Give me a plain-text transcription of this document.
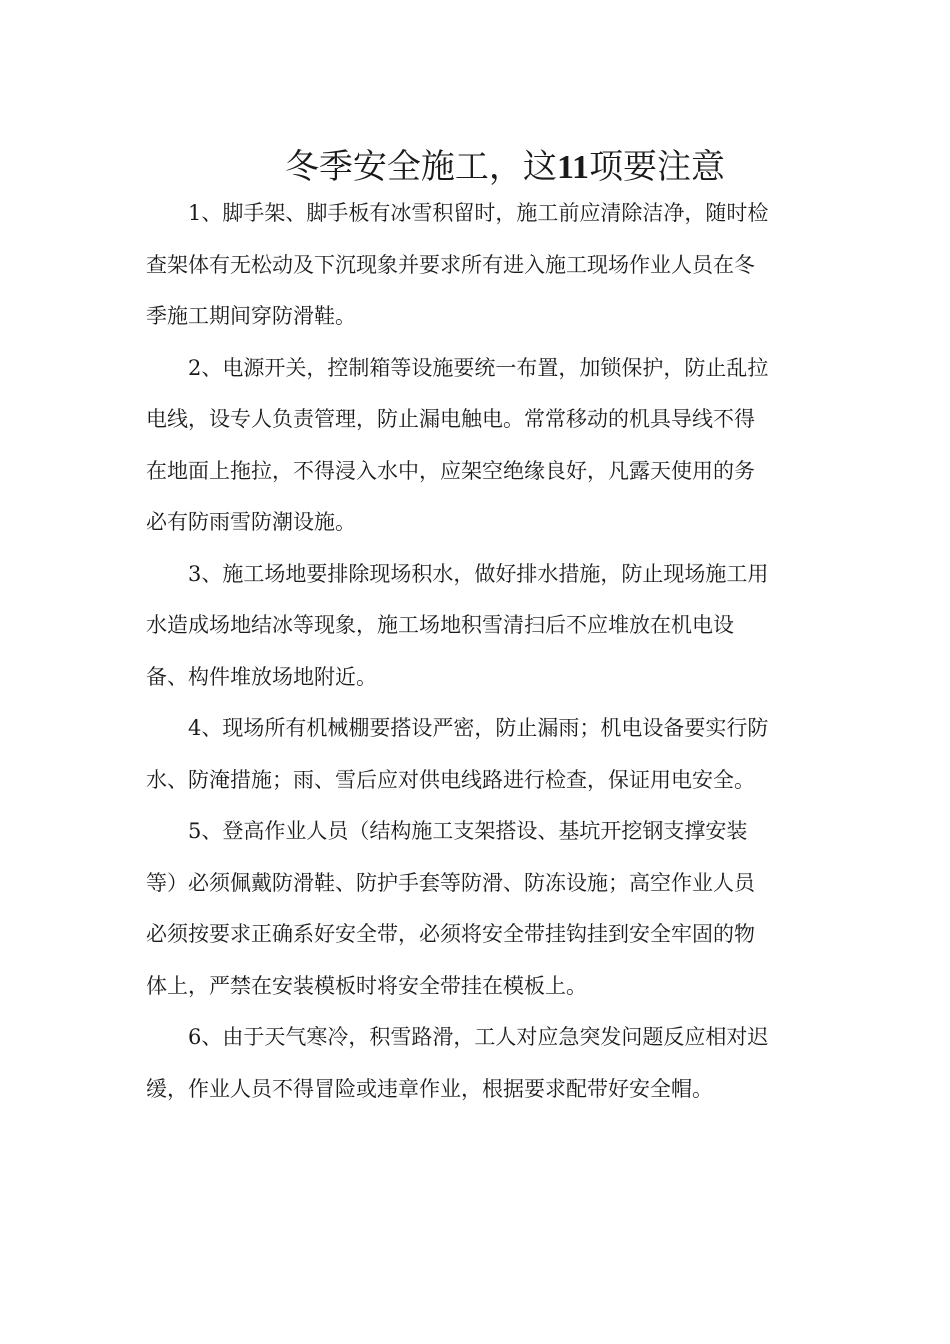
冬季安全施工，这11项要注意
1、脚手架、脚手板有冰雪积留时，施工前应清除洁净，随时检
查架体有无松动及下沉现象并要求所有进入施工现场作业人员在冬
季施工期间穿防滑鞋。
2、电源开关，控制箱等设施要统一布置，加锁保护，防止乱拉
电线，设专人负责管理，防止漏电触电。常常移动的机具导线不得
在地面上拖拉，不得浸入水中，应架空绝缘良好，凡露天使用的务
必有防雨雪防潮设施。
3、施工场地要排除现场积水，做好排水措施，防止现场施工用
水造成场地结冰等现象，施工场地积雪清扫后不应堆放在机电设
备、构件堆放场地附近。
4、现场所有机械棚要搭设严密，防止漏雨；机电设备要实行防
水、防淹措施；雨、雪后应对供电线路进行检查，保证用电安全。
5、登高作业人员（结构施工支架搭设、基坑开挖钢支撑安装
等）必须佩戴防滑鞋、防护手套等防滑、防冻设施；高空作业人员
必须按要求正确系好安全带，必须将安全带挂钩挂到安全牢固的物
体上，严禁在安装模板时将安全带挂在模板上。
6、由于天气寒冷，积雪路滑，工人对应急突发问题反应相对迟
缓，作业人员不得冒险或违章作业，根据要求配带好安全帽。
